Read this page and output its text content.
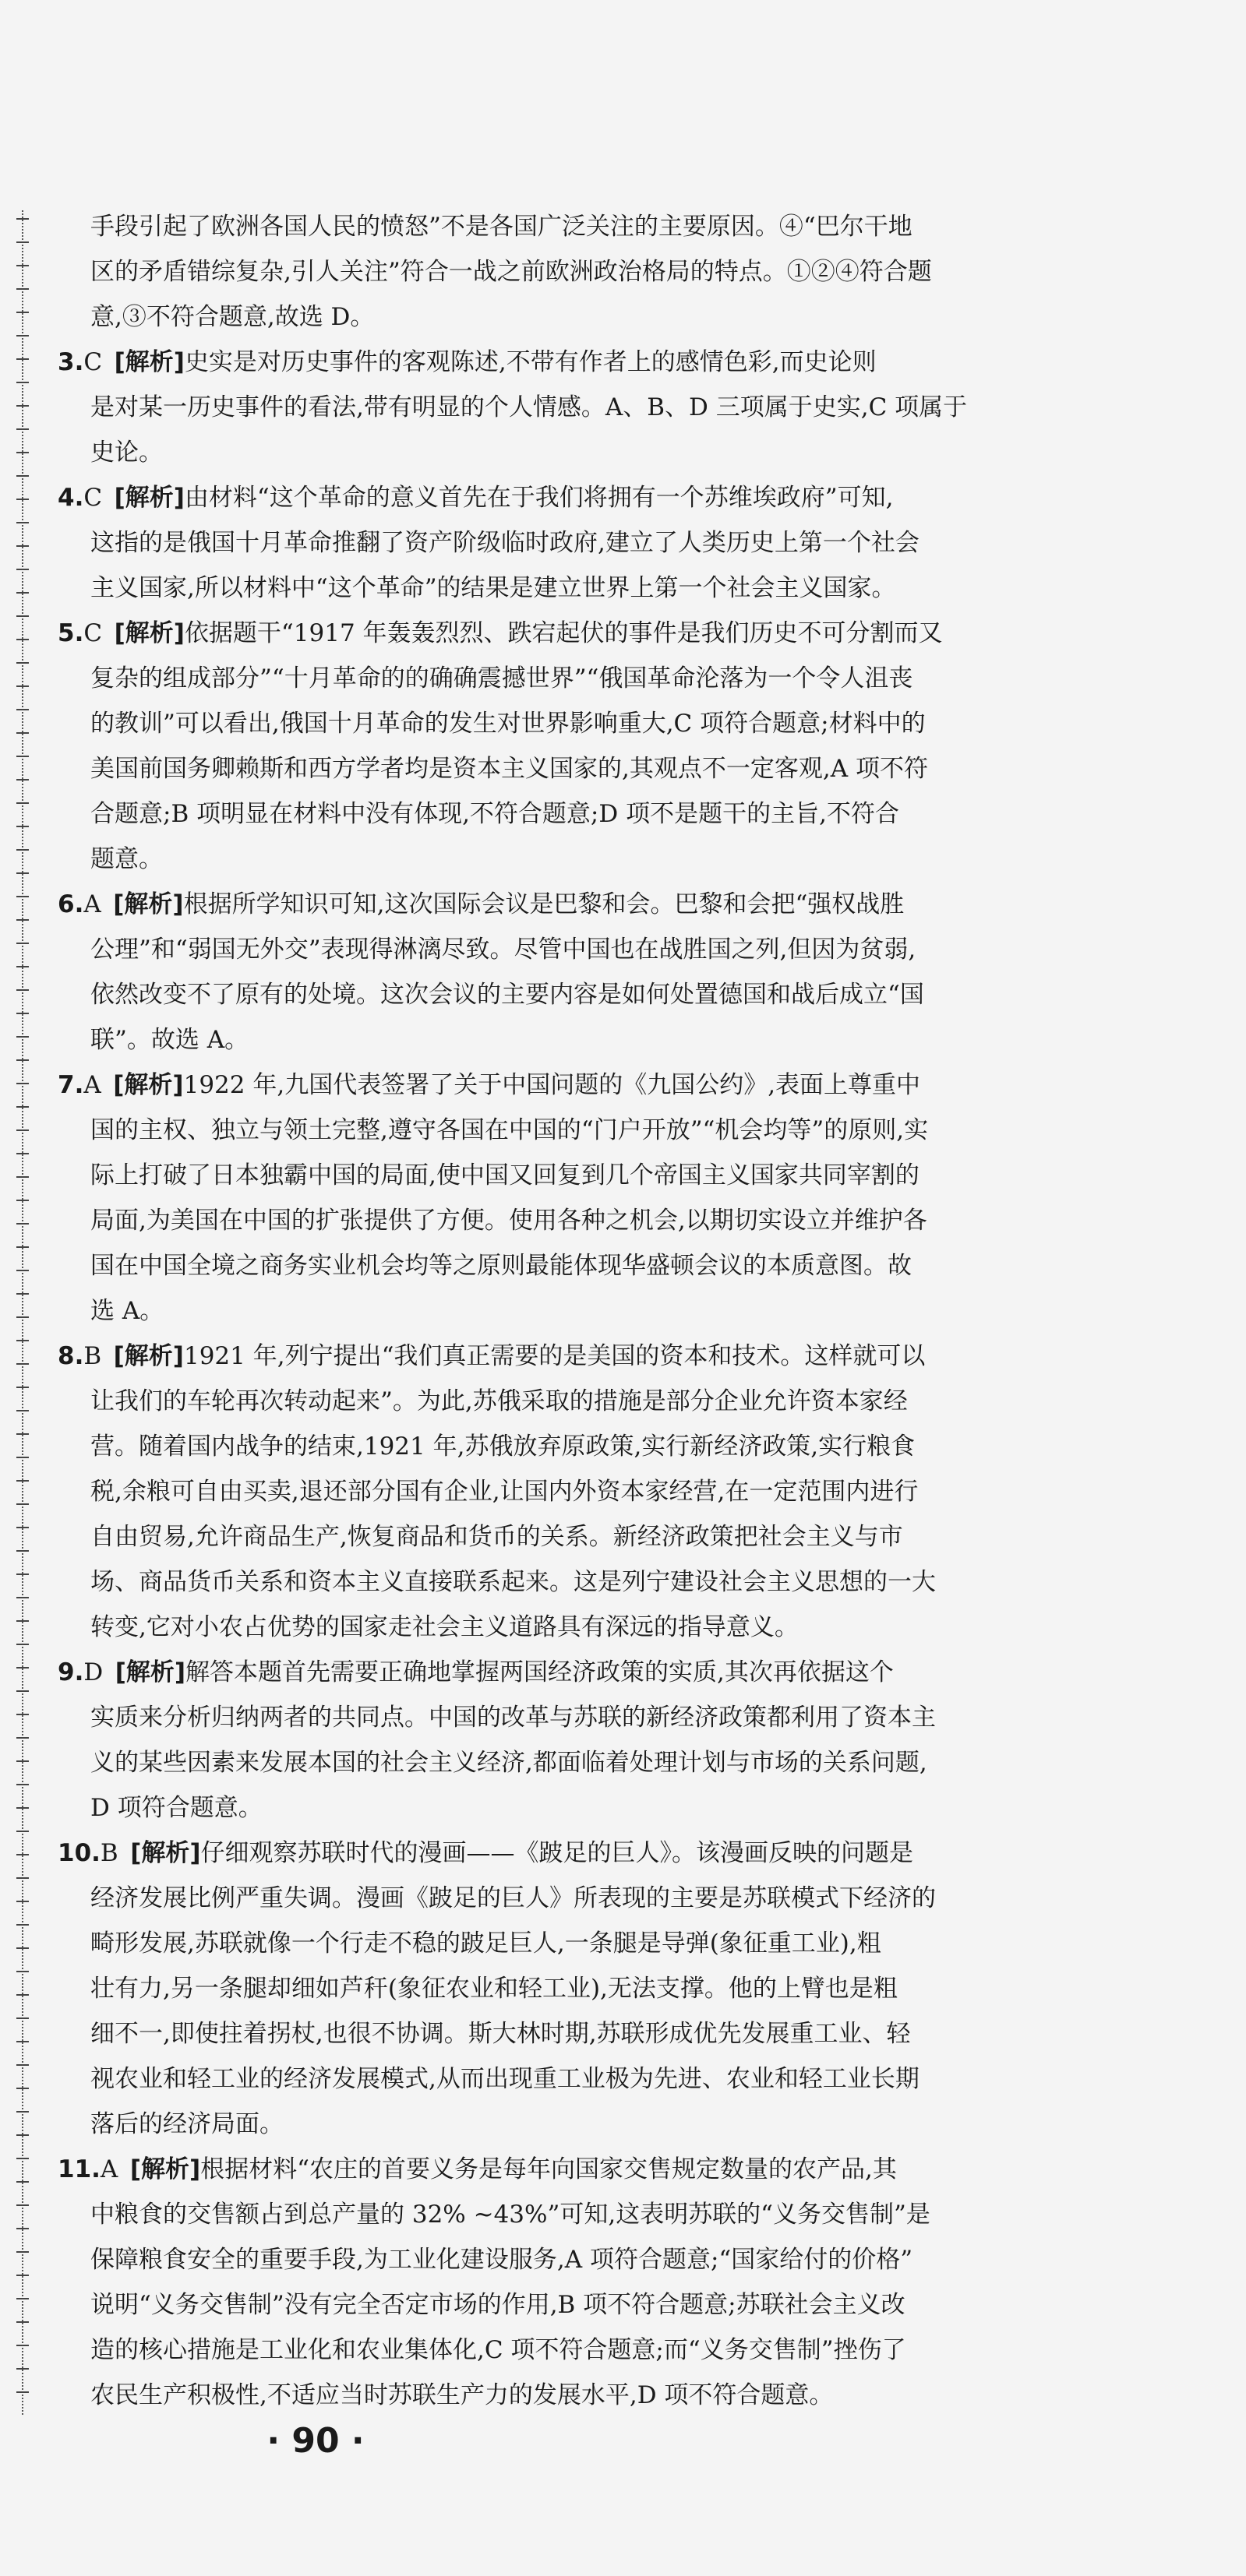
手段引起了欧洲各国人民的愤怒”不是各国广泛关注的主要原因。④“巴尔干地
区的矛盾错综复杂,引人关注”符合一战之前欧洲政治格局的特点。①②④符合题
意,③不符合题意,故选 D。
3.C  [解析]史实是对历史事件的客观陈述,不带有作者上的感情色彩,而史论则
是对某一历史事件的看法,带有明显的个人情感。A、B、D 三项属于史实,C 项属于
史论。
4.C  [解析]由材料“这个革命的意义首先在于我们将拥有一个苏维埃政府”可知,
这指的是俄国十月革命推翻了资产阶级临时政府,建立了人类历史上第一个社会
主义国家,所以材料中“这个革命”的结果是建立世界上第一个社会主义国家。
5.C  [解析]依据题干“1917 年轰轰烈烈、跌宕起伏的事件是我们历史不可分割而又
复杂的组成部分”“十月革命的的确确震撼世界”“俄国革命沦落为一个令人沮丧
的教训”可以看出,俄国十月革命的发生对世界影响重大,C 项符合题意;材料中的
美国前国务卿赖斯和西方学者均是资本主义国家的,其观点不一定客观,A 项不符
合题意;B 项明显在材料中没有体现,不符合题意;D 项不是题干的主旨,不符合
题意。
6.A  [解析]根据所学知识可知,这次国际会议是巴黎和会。巴黎和会把“强权战胜
公理”和“弱国无外交”表现得淋漓尽致。尽管中国也在战胜国之列,但因为贫弱,
依然改变不了原有的处境。这次会议的主要内容是如何处置德国和战后成立“国
联”。故选 A。
7.A  [解析]1922 年,九国代表签署了关于中国问题的《九国公约》,表面上尊重中
国的主权、独立与领土完整,遵守各国在中国的“门户开放”“机会均等”的原则,实
际上打破了日本独霸中国的局面,使中国又回复到几个帝国主义国家共同宰割的
局面,为美国在中国的扩张提供了方便。使用各种之机会,以期切实设立并维护各
国在中国全境之商务实业机会均等之原则最能体现华盛顿会议的本质意图。故
选 A。
8.B  [解析]1921 年,列宁提出“我们真正需要的是美国的资本和技术。这样就可以
让我们的车轮再次转动起来”。为此,苏俄采取的措施是部分企业允许资本家经
营。随着国内战争的结束,1921 年,苏俄放弃原政策,实行新经济政策,实行粮食
税,余粮可自由买卖,退还部分国有企业,让国内外资本家经营,在一定范围内进行
自由贸易,允许商品生产,恢复商品和货币的关系。新经济政策把社会主义与市
场、商品货币关系和资本主义直接联系起来。这是列宁建设社会主义思想的一大
转变,它对小农占优势的国家走社会主义道路具有深远的指导意义。
9.D  [解析]解答本题首先需要正确地掌握两国经济政策的实质,其次再依据这个
实质来分析归纳两者的共同点。中国的改革与苏联的新经济政策都利用了资本主
义的某些因素来发展本国的社会主义经济,都面临着处理计划与市场的关系问题,
D 项符合题意。
10.B  [解析]仔细观察苏联时代的漫画——《跛足的巨人》。该漫画反映的问题是
经济发展比例严重失调。漫画《跛足的巨人》所表现的主要是苏联模式下经济的
畸形发展,苏联就像一个行走不稳的跛足巨人,一条腿是导弹(象征重工业),粗
壮有力,另一条腿却细如芦秆(象征农业和轻工业),无法支撑。他的上臂也是粗
细不一,即使拄着拐杖,也很不协调。斯大林时期,苏联形成优先发展重工业、轻
视农业和轻工业的经济发展模式,从而出现重工业极为先进、农业和轻工业长期
落后的经济局面。
11.A  [解析]根据材料“农庄的首要义务是每年向国家交售规定数量的农产品,其
中粮食的交售额占到总产量的 32% ~43%”可知,这表明苏联的“义务交售制”是
保障粮食安全的重要手段,为工业化建设服务,A 项符合题意;“国家给付的价格”
说明“义务交售制”没有完全否定市场的作用,B 项不符合题意;苏联社会主义改
造的核心措施是工业化和农业集体化,C 项不符合题意;而“义务交售制”挫伤了
农民生产积极性,不适应当时苏联生产力的发展水平,D 项不符合题意。
· 90 ·
